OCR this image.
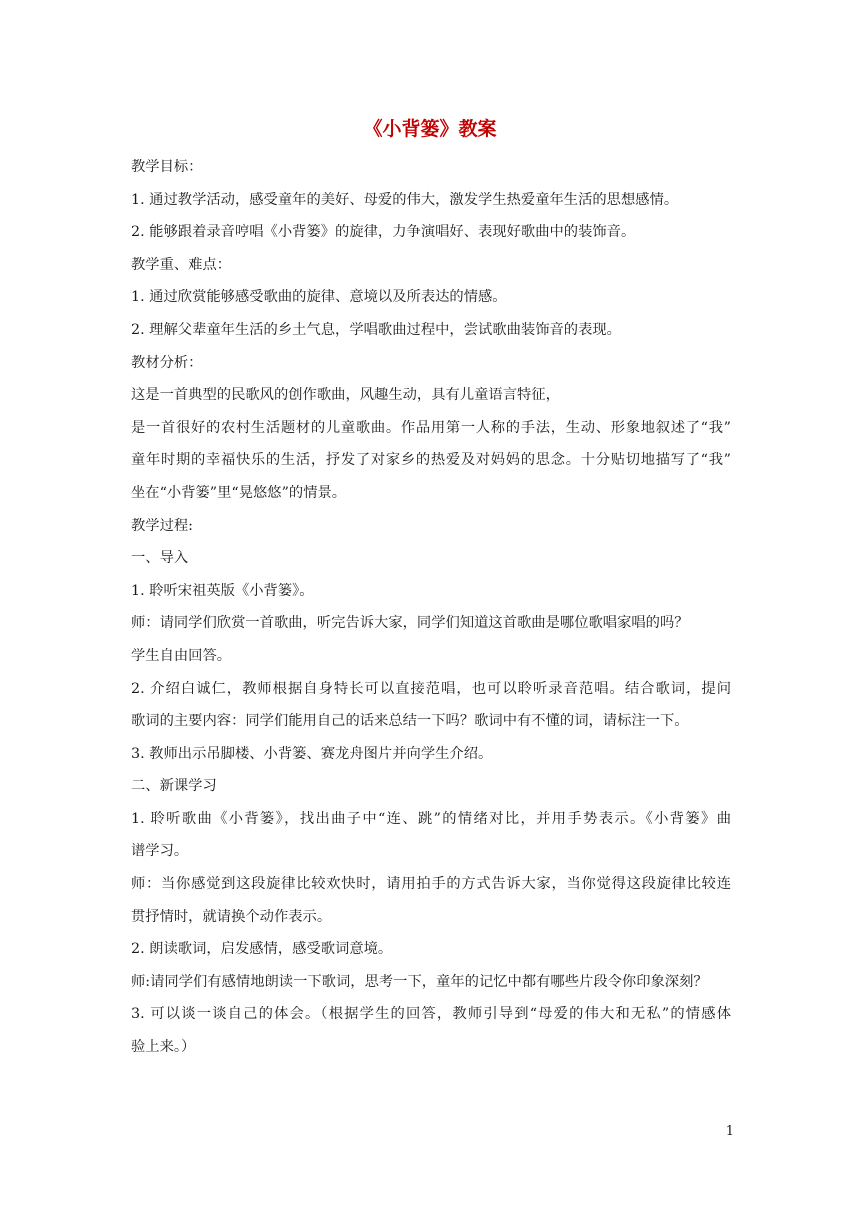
《小背篓》教案

教学目标：

1. 通过教学活动，感受童年的美好、母爱的伟大，激发学生热爱童年生活的思想感情。

2. 能够跟着录音哼唱《小背篓》的旋律，力争演唱好、表现好歌曲中的装饰音。

教学重、难点：

1. 通过欣赏能够感受歌曲的旋律、意境以及所表达的情感。

2. 理解父辈童年生活的乡土气息，学唱歌曲过程中，尝试歌曲装饰音的表现。

教材分析：

这是一首典型的民歌风的创作歌曲，风趣生动，具有儿童语言特征，

是一首很好的农村生活题材的儿童歌曲。作品用第一人称的手法，生动、形象地叙述了“我”

童年时期的幸福快乐的生活，抒发了对家乡的热爱及对妈妈的思念。十分贴切地描写了“我”

坐在“小背篓”里“晃悠悠”的情景。

教学过程:

一、导入

1. 聆听宋祖英版《小背篓》。

师：请同学们欣赏一首歌曲，听完告诉大家，同学们知道这首歌曲是哪位歌唱家唱的吗？

学生自由回答。

2. 介绍白诚仁，教师根据自身特长可以直接范唱，也可以聆听录音范唱。结合歌词，提问

歌词的主要内容：同学们能用自己的话来总结一下吗？歌词中有不懂的词，请标注一下。

3. 教师出示吊脚楼、小背篓、赛龙舟图片并向学生介绍。

二、新课学习

1. 聆听歌曲《小背篓》，找出曲子中“连、跳”的情绪对比，并用手势表示。《小背篓》曲

谱学习。

师：当你感觉到这段旋律比较欢快时，请用拍手的方式告诉大家，当你觉得这段旋律比较连

贯抒情时，就请换个动作表示。

2. 朗读歌词，启发感情，感受歌词意境。

师:请同学们有感情地朗读一下歌词，思考一下，童年的记忆中都有哪些片段令你印象深刻？

3. 可以谈一谈自己的体会。（根据学生的回答，教师引导到“母爱的伟大和无私”的情感体

验上来。）

1
